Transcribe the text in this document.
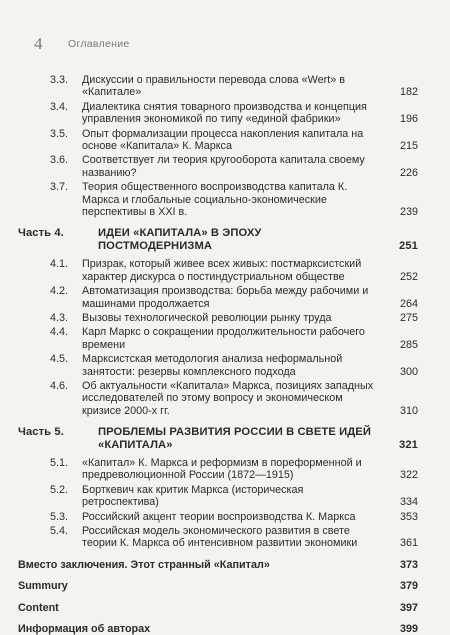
4 Оглавление
3.3. Дискуссии о правильности перевода слова «Wert» в «Капитале»	182
3.4. Диалектика снятия товарного производства и концепция управления экономикой по типу «единой фабрики»	196
3.5. Опыт формализации процесса накопления капитала на основе «Капитала» К. Маркса	215
3.6. Соответствует ли теория кругооборота капитала своему названию?	226
3.7. Теория общественного воспроизводства капитала К. Маркса и глобальные социально-экономические перспективы в XXI в.	239
Часть 4.	ИДЕИ «КАПИТАЛА» В ЭПОХУ ПОСТМОДЕРНИЗМА	251
4.1. Призрак, который живее всех живых: постмарксистский характер дискурса о постиндустриальном обществе	252
4.2. Автоматизация производства: борьба между рабочими и машинами продолжается	264
4.3. Вызовы технологической революции рынку труда	275
4.4. Карл Маркс о сокращении продолжительности рабочего времени	285
4.5. Марксистская методология анализа неформальной занятости: резервы комплексного подхода	300
4.6. Об актуальности «Капитала» Маркса, позициях западных исследователей по этому вопросу и экономическом кризисе 2000-х гг.	310
Часть 5.	ПРОБЛЕМЫ РАЗВИТИЯ РОССИИ В СВЕТЕ ИДЕЙ «КАПИТАЛА»	321
5.1. «Капитал» К. Маркса и реформизм в пореформенной и предреволюционной России (1872—1915)	322
5.2. Борткевич как критик Маркса (историческая ретроспектива)	334
5.3. Российский акцент теории воспроизводства К. Маркса	353
5.4. Российская модель экономического развития в свете теории К. Маркса об интенсивном развитии экономики	361
Вместо заключения. Этот странный «Капитал»	373
Summury	379
Content	397
Информация об авторах	399
